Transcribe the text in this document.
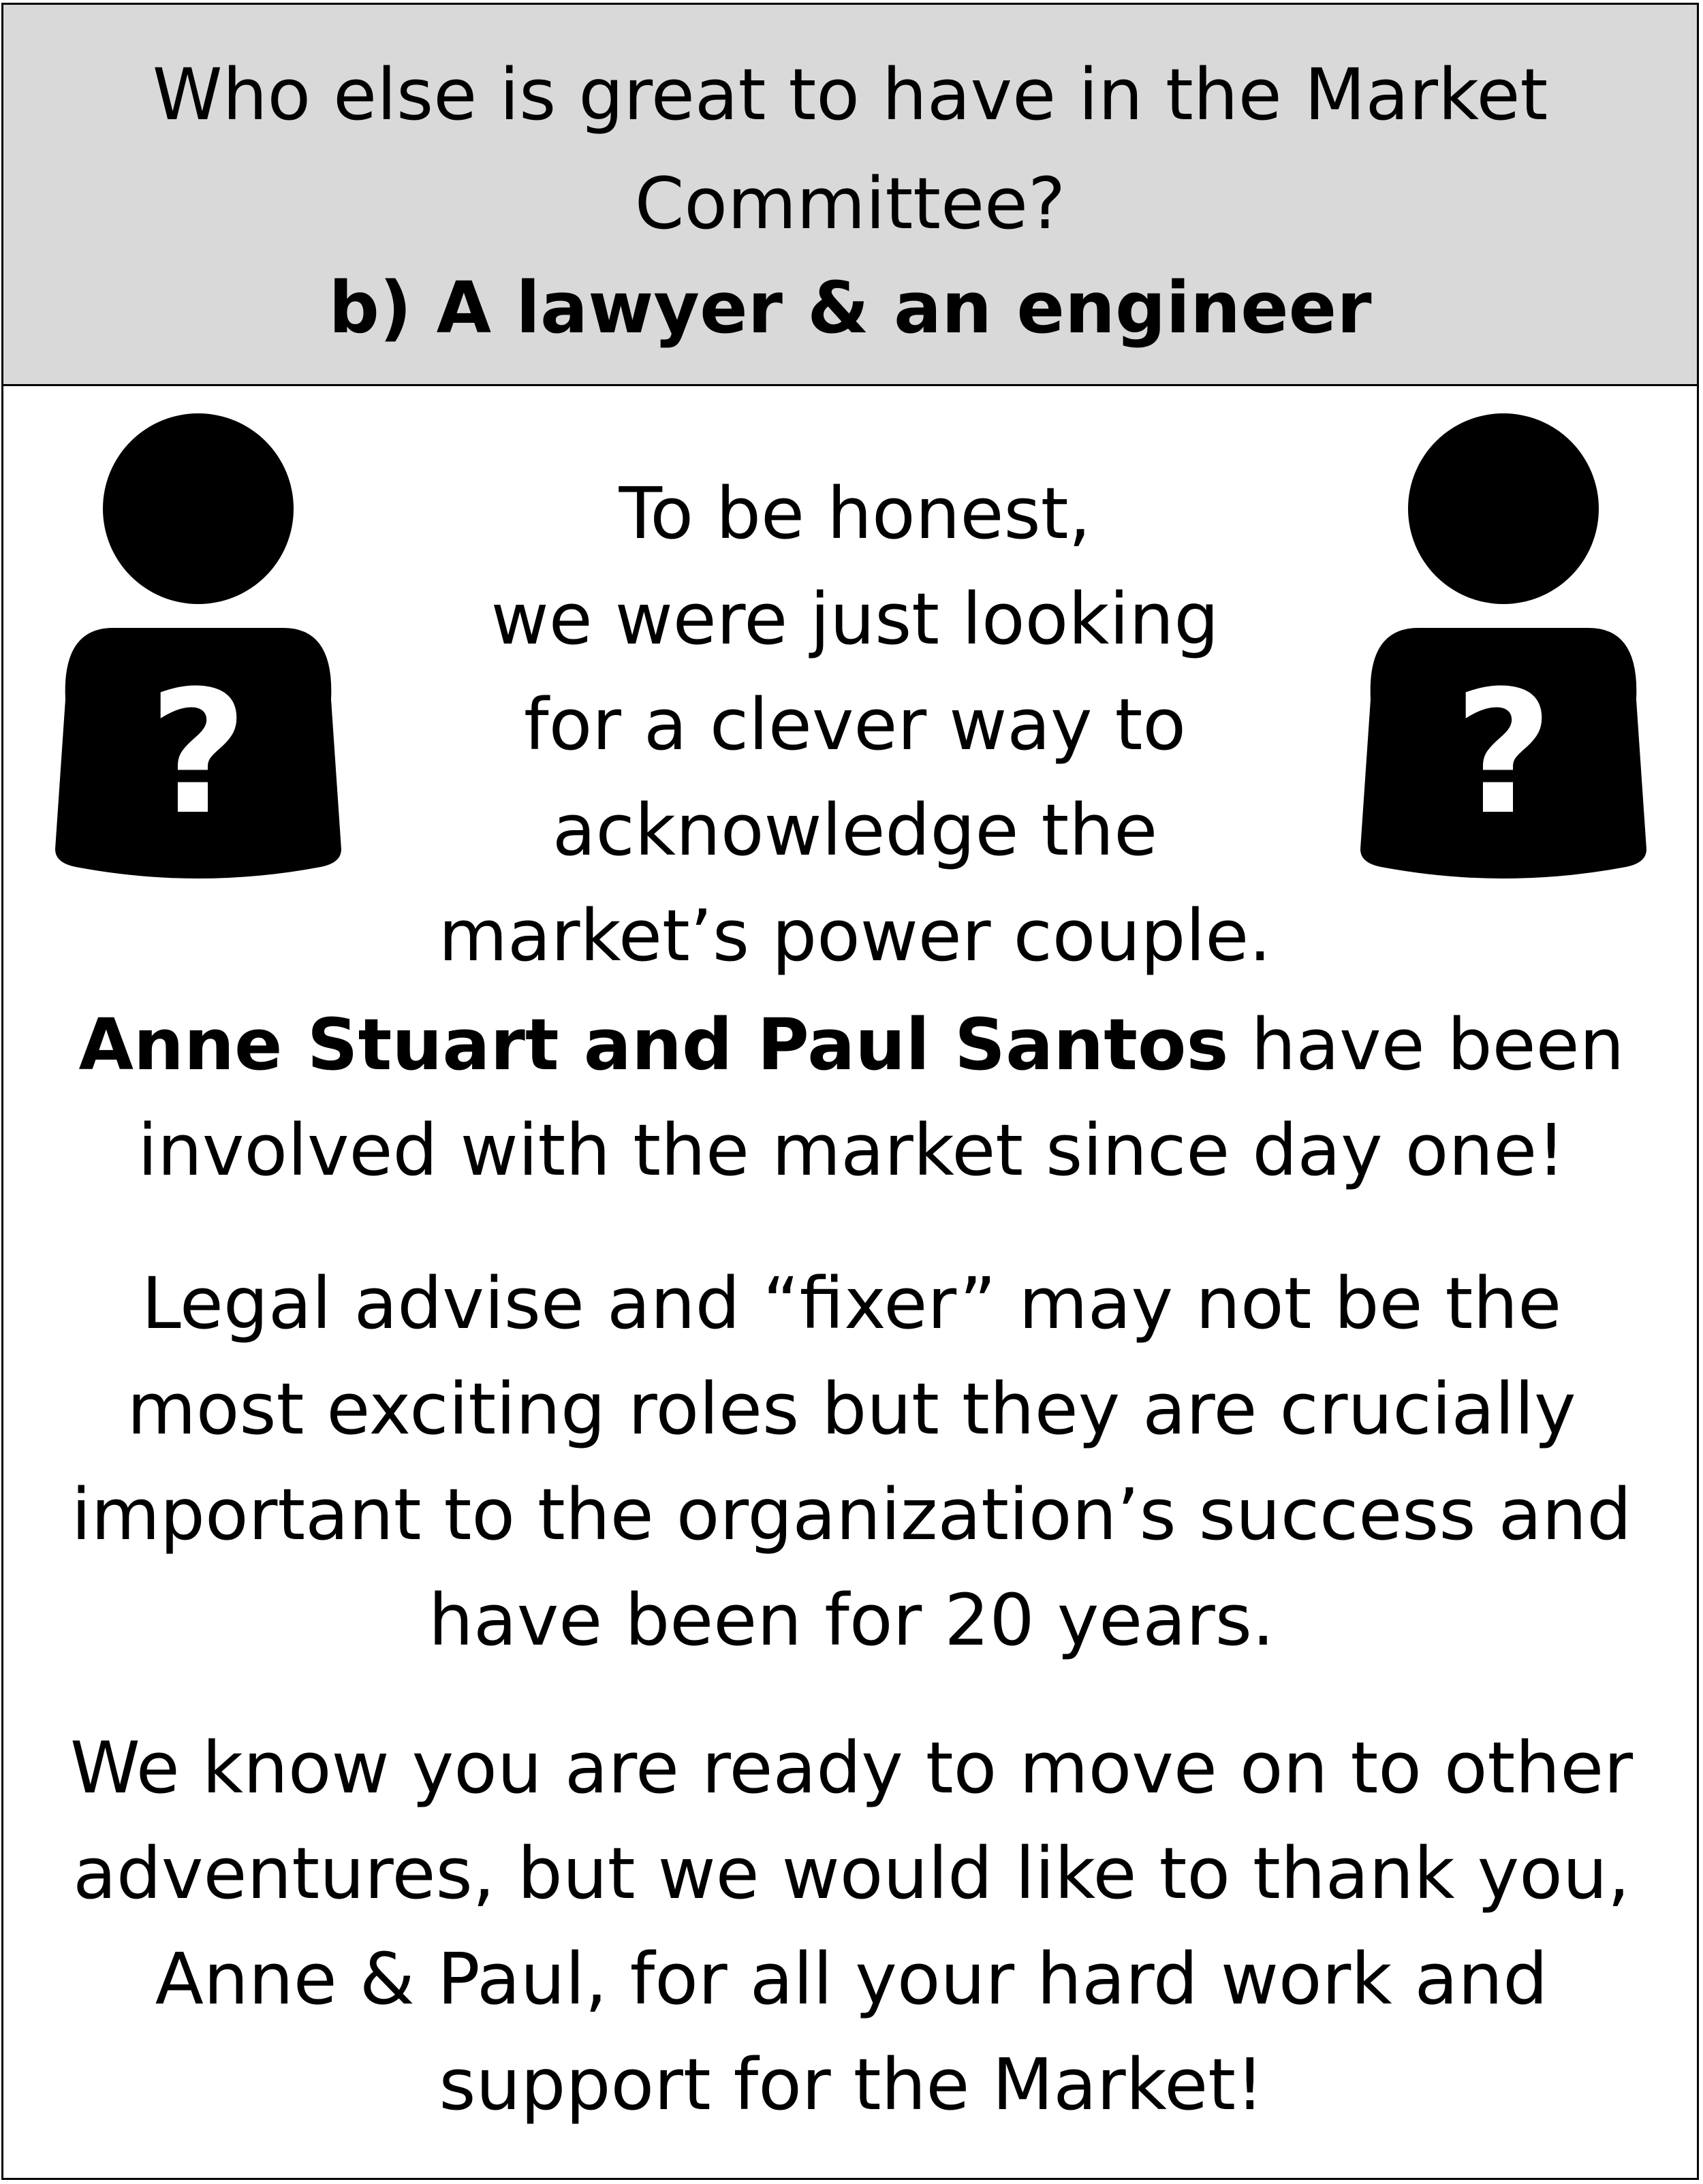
Who else is great to have in the Market Committee?
b) A lawyer & an engineer
?	?
To be honest,
we were just looking
for a clever way to
acknowledge the
market’s power couple.
Anne Stuart and Paul Santos have been involved with the market since day one!
Legal advise and “fixer” may not be the most exciting roles but they are crucially important to the organization’s success and have been for 20 years.
We know you are ready to move on to other adventures, but we would like to thank you, Anne & Paul, for all your hard work and support for the Market!
